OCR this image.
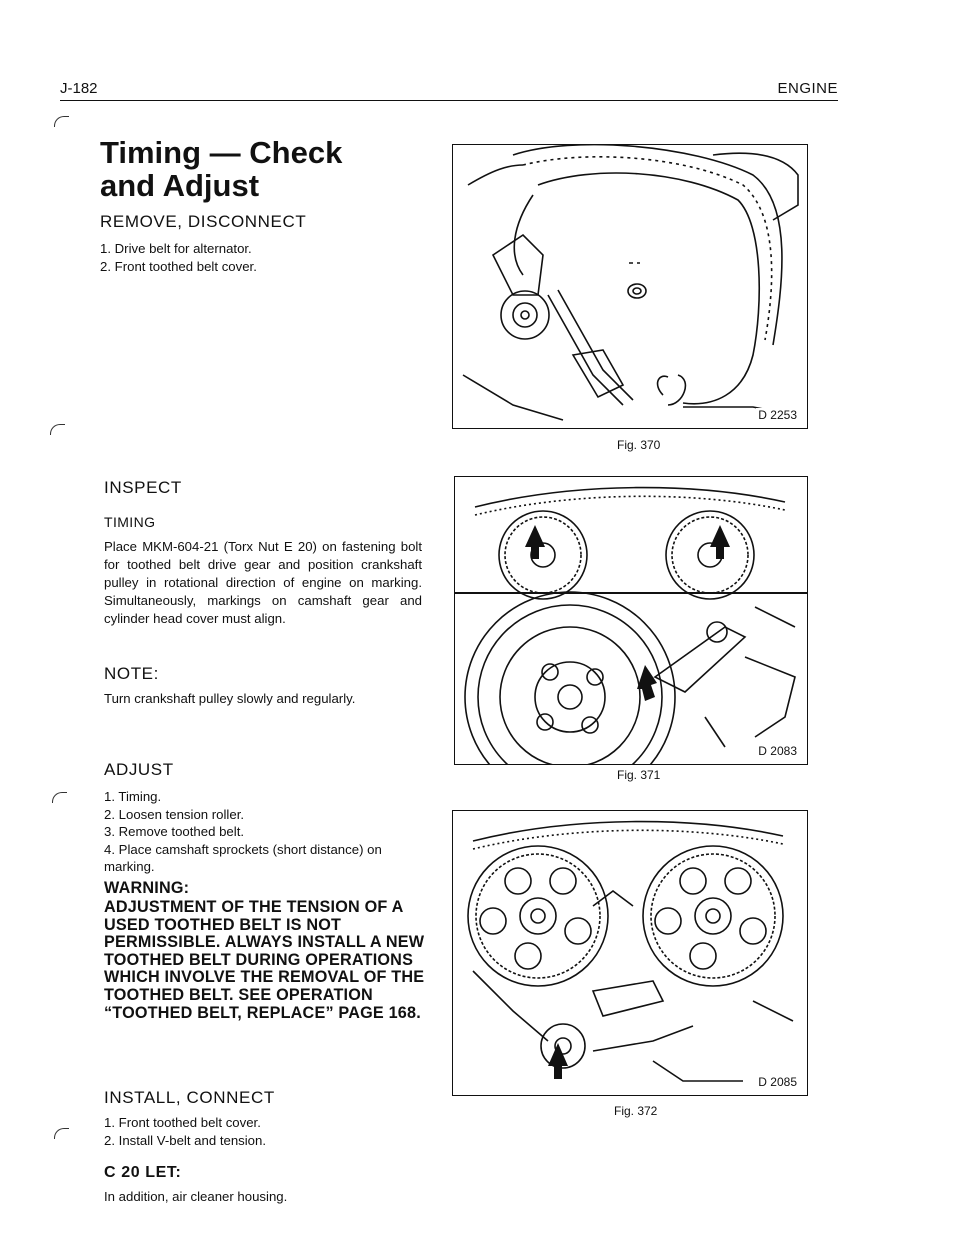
J-182	ENGINE
Timing — Check and Adjust
REMOVE, DISCONNECT
1. Drive belt for alternator.
2. Front toothed belt cover.
INSPECT
TIMING
Place MKM-604-21 (Torx Nut E 20) on fastening bolt for toothed belt drive gear and position crankshaft pulley in rotational direction of engine on marking. Simultaneously, markings on camshaft gear and cylinder head cover must align.
NOTE:
Turn crankshaft pulley slowly and regularly.
ADJUST
1. Timing.
2. Loosen tension roller.
3. Remove toothed belt.
4. Place camshaft sprockets (short distance) on marking.
WARNING:
ADJUSTMENT OF THE TENSION OF A USED TOOTHED BELT IS NOT PERMISSIBLE. ALWAYS INSTALL A NEW TOOTHED BELT DURING OPERATIONS WHICH INVOLVE THE REMOVAL OF THE TOOTHED BELT. SEE OPERATION “TOOTHED BELT, REPLACE” PAGE 168.
INSTALL, CONNECT
1. Front toothed belt cover.
2. Install V-belt and tension.
C 20 LET:
In addition, air cleaner housing.
D 2253
Fig. 370
D 2083
Fig. 371
D 2085
Fig. 372
